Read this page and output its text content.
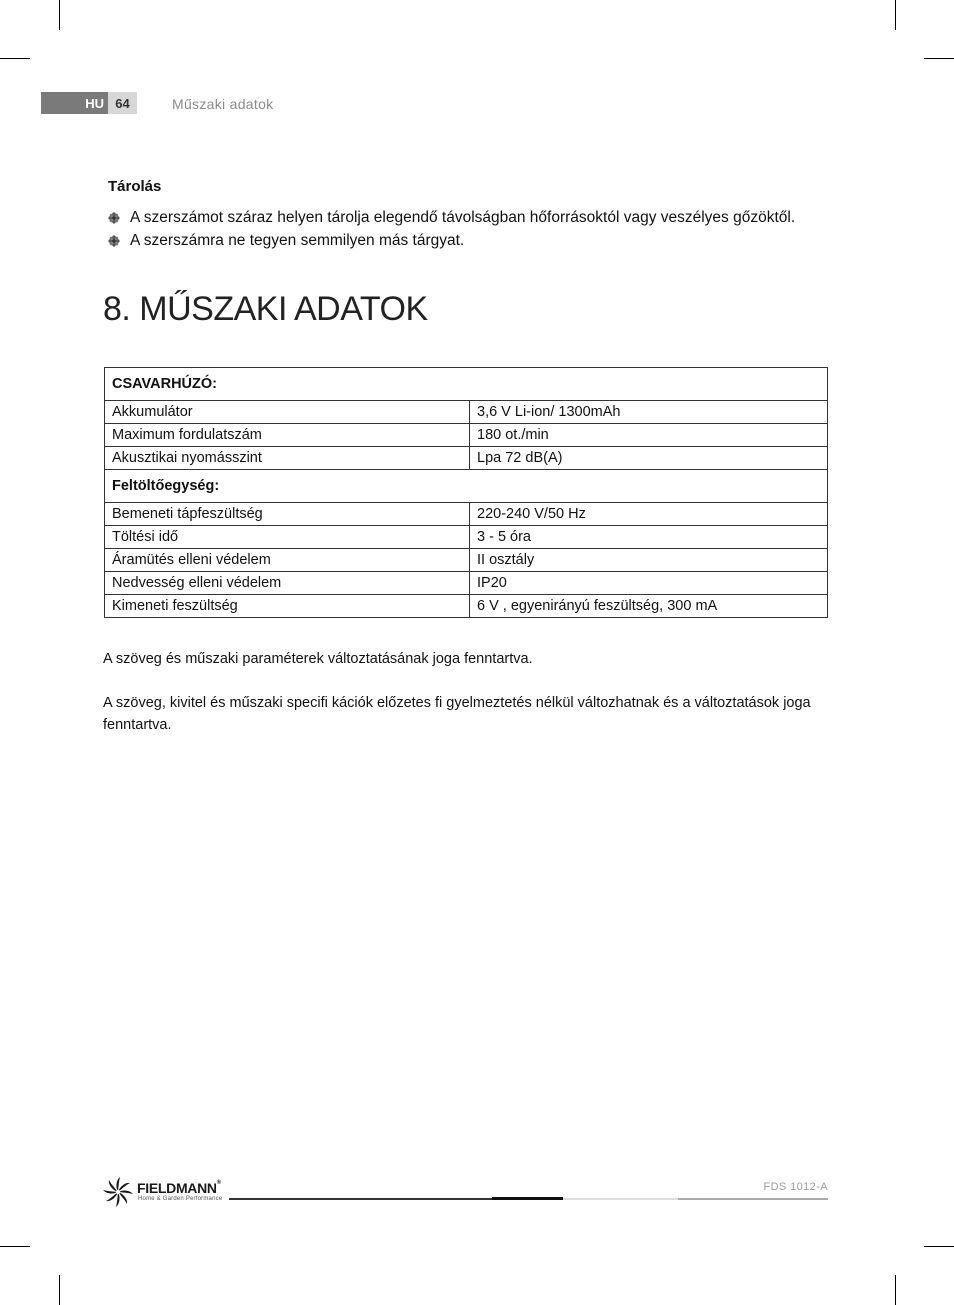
HU 64	Műszaki adatok
Tárolás
A szerszámot száraz helyen tárolja elegendő távolságban hőforrásoktól vagy veszélyes gőzöktől.
A szerszámra ne tegyen semmilyen más tárgyat.
8. MŰSZAKI ADATOK
CSAVARHÚZÓ:	
Akkumulátor	3,6 V Li-ion/ 1300mAh
Maximum fordulatszám	180 ot./min
Akusztikai nyomásszint	Lpa 72 dB(A)
Feltöltőegység:	
Bemeneti tápfeszültség	220-240 V/50 Hz
Töltési idő	3 - 5 óra
Áramütés elleni védelem	II osztály
Nedvesség elleni védelem	IP20
Kimeneti feszültség	6 V , egyenirányú feszültség, 300 mA
A szöveg és műszaki paraméterek változtatásának joga fenntartva.
A szöveg, kivitel és műszaki specifi kációk előzetes fi gyelmeztetés nélkül változhatnak és a változtatások joga fenntartva.
FIELDMANN®
Home & Garden Performance
FDS 1012-A
